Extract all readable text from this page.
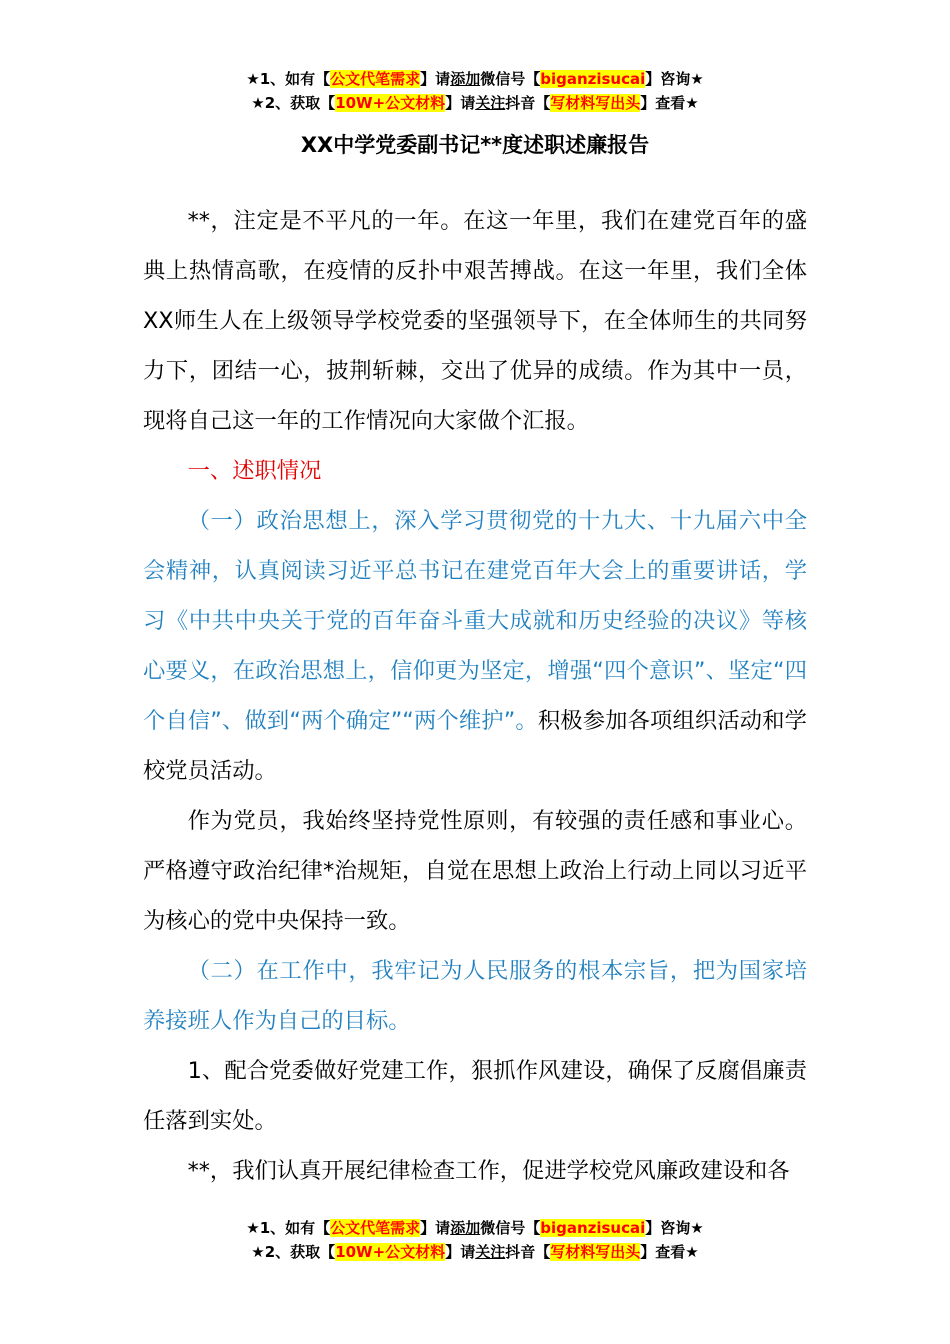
★1、如有【公文代笔需求】请添加微信号【biganzisucai】咨询★
★2、获取【10W+公文材料】请关注抖音【写材料写出头】查看★
XX中学党委副书记**度述职述廉报告

**，注定是不平凡的一年。在这一年里，我们在建党百年的盛典上热情高歌，在疫情的反扑中艰苦搏战。在这一年里，我们全体XX师生人在上级领导学校党委的坚强领导下，在全体师生的共同努力下，团结一心，披荆斩棘，交出了优异的成绩。作为其中一员，现将自己这一年的工作情况向大家做个汇报。

一、述职情况

（一）政治思想上，深入学习贯彻党的十九大、十九届六中全会精神，认真阅读习近平总书记在建党百年大会上的重要讲话，学习《中共中央关于党的百年奋斗重大成就和历史经验的决议》等核心要义，在政治思想上，信仰更为坚定，增强“四个意识”、坚定“四个自信”、做到“两个确定”“两个维护”。积极参加各项组织活动和学校党员活动。

作为党员，我始终坚持党性原则，有较强的责任感和事业心。严格遵守政治纪律*治规矩，自觉在思想上政治上行动上同以习近平为核心的党中央保持一致。

（二）在工作中，我牢记为人民服务的根本宗旨，把为国家培养接班人作为自己的目标。

1、配合党委做好党建工作，狠抓作风建设，确保了反腐倡廉责任落到实处。

**，我们认真开展纪律检查工作，促进学校党风廉政建设和各

★1、如有【公文代笔需求】请添加微信号【biganzisucai】咨询★
★2、获取【10W+公文材料】请关注抖音【写材料写出头】查看★
